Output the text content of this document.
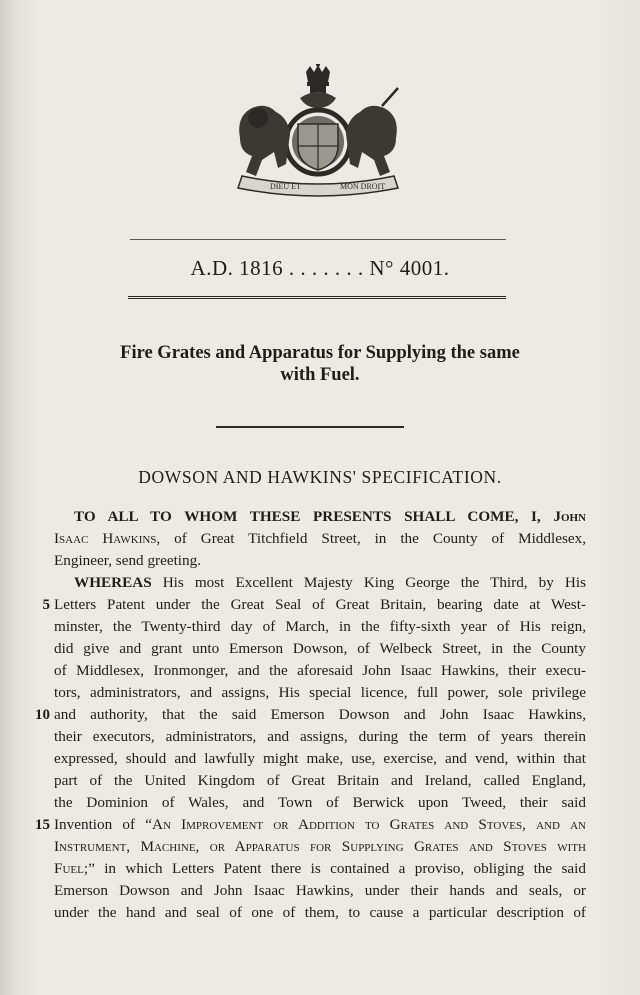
DIEU ET	MON DROIT
A.D. 1816 . . . . . . . N° 4001.
Fire Grates and Apparatus for Supplying the same
with Fuel.
DOWSON AND HAWKINS' SPECIFICATION.
TO ALL TO WHOM THESE PRESENTS SHALL COME, I, John
Isaac Hawkins, of Great Titchfield Street, in the County of Middlesex,
Engineer, send greeting.
WHEREAS His most Excellent Majesty King George the Third, by His
5 Letters Patent under the Great Seal of Great Britain, bearing date at West-
minster, the Twenty-third day of March, in the fifty-sixth year of His reign,
did give and grant unto Emerson Dowson, of Welbeck Street, in the County
of Middlesex, Ironmonger, and the aforesaid John Isaac Hawkins, their execu-
tors, administrators, and assigns, His special licence, full power, sole privilege
10 and authority, that the said Emerson Dowson and John Isaac Hawkins,
their executors, administrators, and assigns, during the term of years therein
expressed, should and lawfully might make, use, exercise, and vend, within that
part of the United Kingdom of Great Britain and Ireland, called England,
the Dominion of Wales, and Town of Berwick upon Tweed, their said
15 Invention of “An Improvement or Addition to Grates and Stoves, and an
Instrument, Machine, or Apparatus for Supplying Grates and Stoves with
Fuel;” in which Letters Patent there is contained a proviso, obliging the said
Emerson Dowson and John Isaac Hawkins, under their hands and seals, or
under the hand and seal of one of them, to cause a particular description of
